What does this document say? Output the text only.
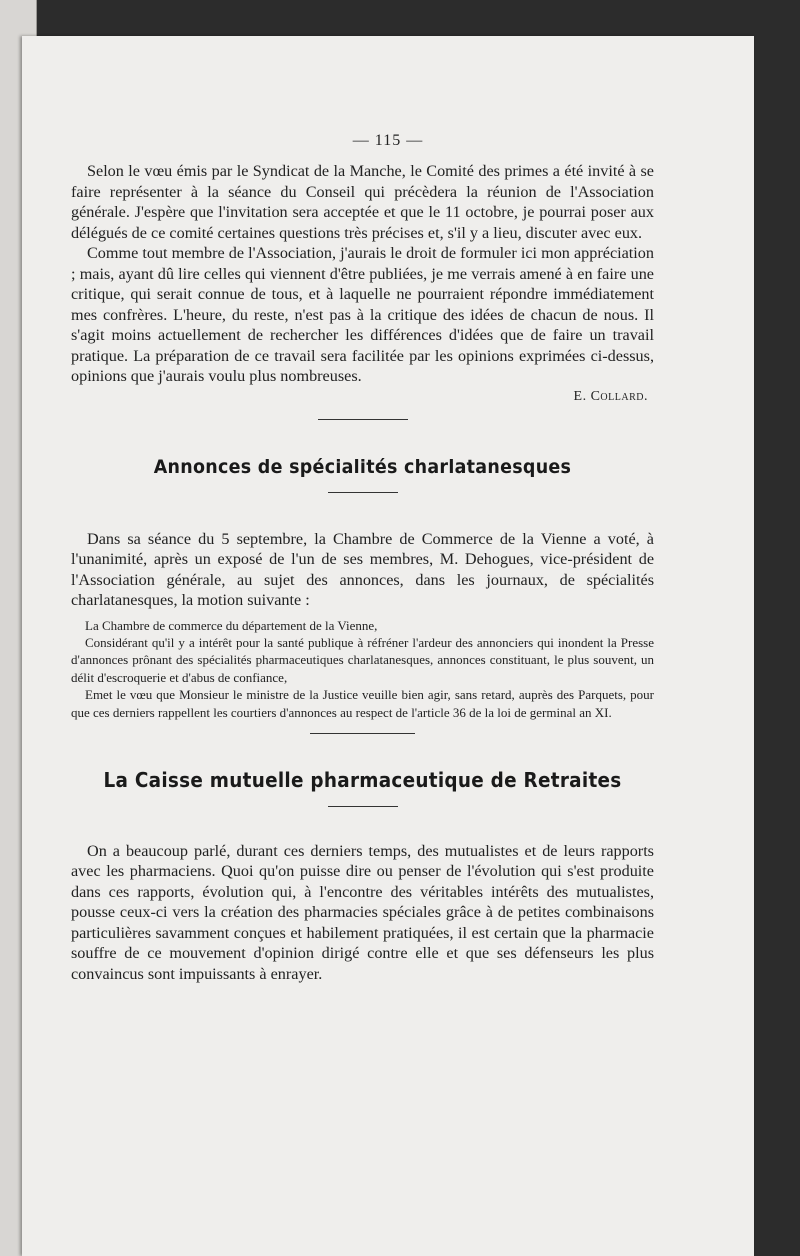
— 115 —

Selon le vœu émis par le Syndicat de la Manche, le Comité des primes a été invité à se faire représenter à la séance du Conseil qui précèdera la réunion de l'Association générale. J'espère que l'invitation sera acceptée et que le 11 octobre, je pourrai poser aux délégués de ce comité certaines questions très précises et, s'il y a lieu, discuter avec eux.

Comme tout membre de l'Association, j'aurais le droit de formuler ici mon appréciation ; mais, ayant dû lire celles qui viennent d'être publiées, je me verrais amené à en faire une critique, qui serait connue de tous, et à laquelle ne pourraient répondre immédiatement mes confrères. L'heure, du reste, n'est pas à la critique des idées de chacun de nous. Il s'agit moins actuellement de rechercher les différences d'idées que de faire un travail pratique. La préparation de ce travail sera facilitée par les opinions exprimées ci-dessus, opinions que j'aurais voulu plus nombreuses.

E. Collard.
Annonces de spécialités charlatanesques

Dans sa séance du 5 septembre, la Chambre de Commerce de la Vienne a voté, à l'unanimité, après un exposé de l'un de ses membres, M. Dehogues, vice-président de l'Association générale, au sujet des annonces, dans les journaux, de spécialités charlatanesques, la motion suivante :

La Chambre de commerce du département de la Vienne,

Considérant qu'il y a intérêt pour la santé publique à réfréner l'ardeur des annonciers qui inondent la Presse d'annonces prônant des spécialités pharmaceutiques charlatanesques, annonces constituant, le plus souvent, un délit d'escroquerie et d'abus de confiance,

Emet le vœu que Monsieur le ministre de la Justice veuille bien agir, sans retard, auprès des Parquets, pour que ces derniers rappellent les courtiers d'annonces au respect de l'article 36 de la loi de germinal an XI.

La Caisse mutuelle pharmaceutique de Retraites

On a beaucoup parlé, durant ces derniers temps, des mutualistes et de leurs rapports avec les pharmaciens. Quoi qu'on puisse dire ou penser de l'évolution qui s'est produite dans ces rapports, évolution qui, à l'encontre des véritables intérêts des mutualistes, pousse ceux-ci vers la création des pharmacies spéciales grâce à de petites combinaisons particulières savamment conçues et habilement pratiquées, il est certain que la pharmacie souffre de ce mouvement d'opinion dirigé contre elle et que ses défenseurs les plus convaincus sont impuissants à enrayer.
